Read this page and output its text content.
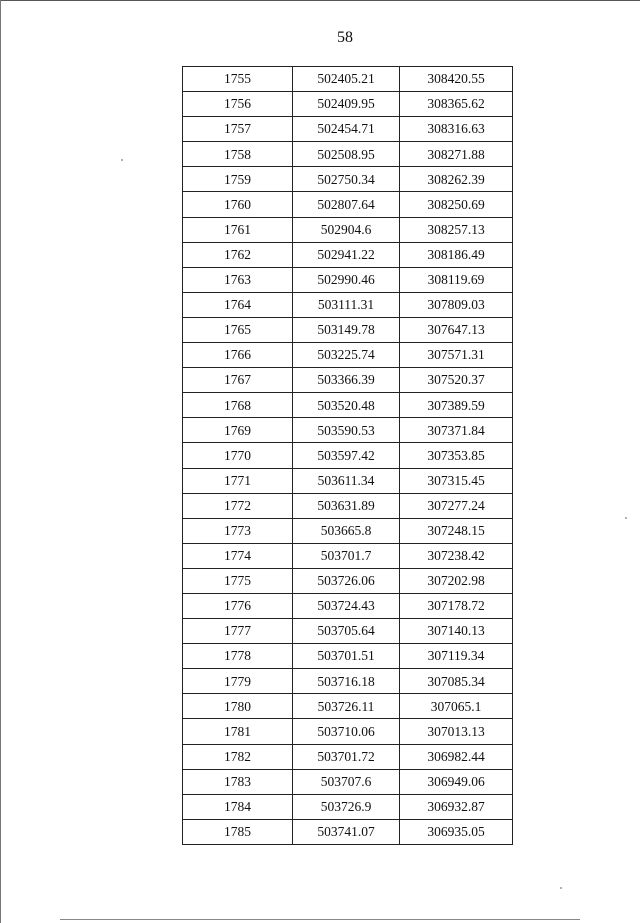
58
1755	502405.21	308420.55
1756	502409.95	308365.62
1757	502454.71	308316.63
1758	502508.95	308271.88
1759	502750.34	308262.39
1760	502807.64	308250.69
1761	502904.6	308257.13
1762	502941.22	308186.49
1763	502990.46	308119.69
1764	503111.31	307809.03
1765	503149.78	307647.13
1766	503225.74	307571.31
1767	503366.39	307520.37
1768	503520.48	307389.59
1769	503590.53	307371.84
1770	503597.42	307353.85
1771	503611.34	307315.45
1772	503631.89	307277.24
1773	503665.8	307248.15
1774	503701.7	307238.42
1775	503726.06	307202.98
1776	503724.43	307178.72
1777	503705.64	307140.13
1778	503701.51	307119.34
1779	503716.18	307085.34
1780	503726.11	307065.1
1781	503710.06	307013.13
1782	503701.72	306982.44
1783	503707.6	306949.06
1784	503726.9	306932.87
1785	503741.07	306935.05
